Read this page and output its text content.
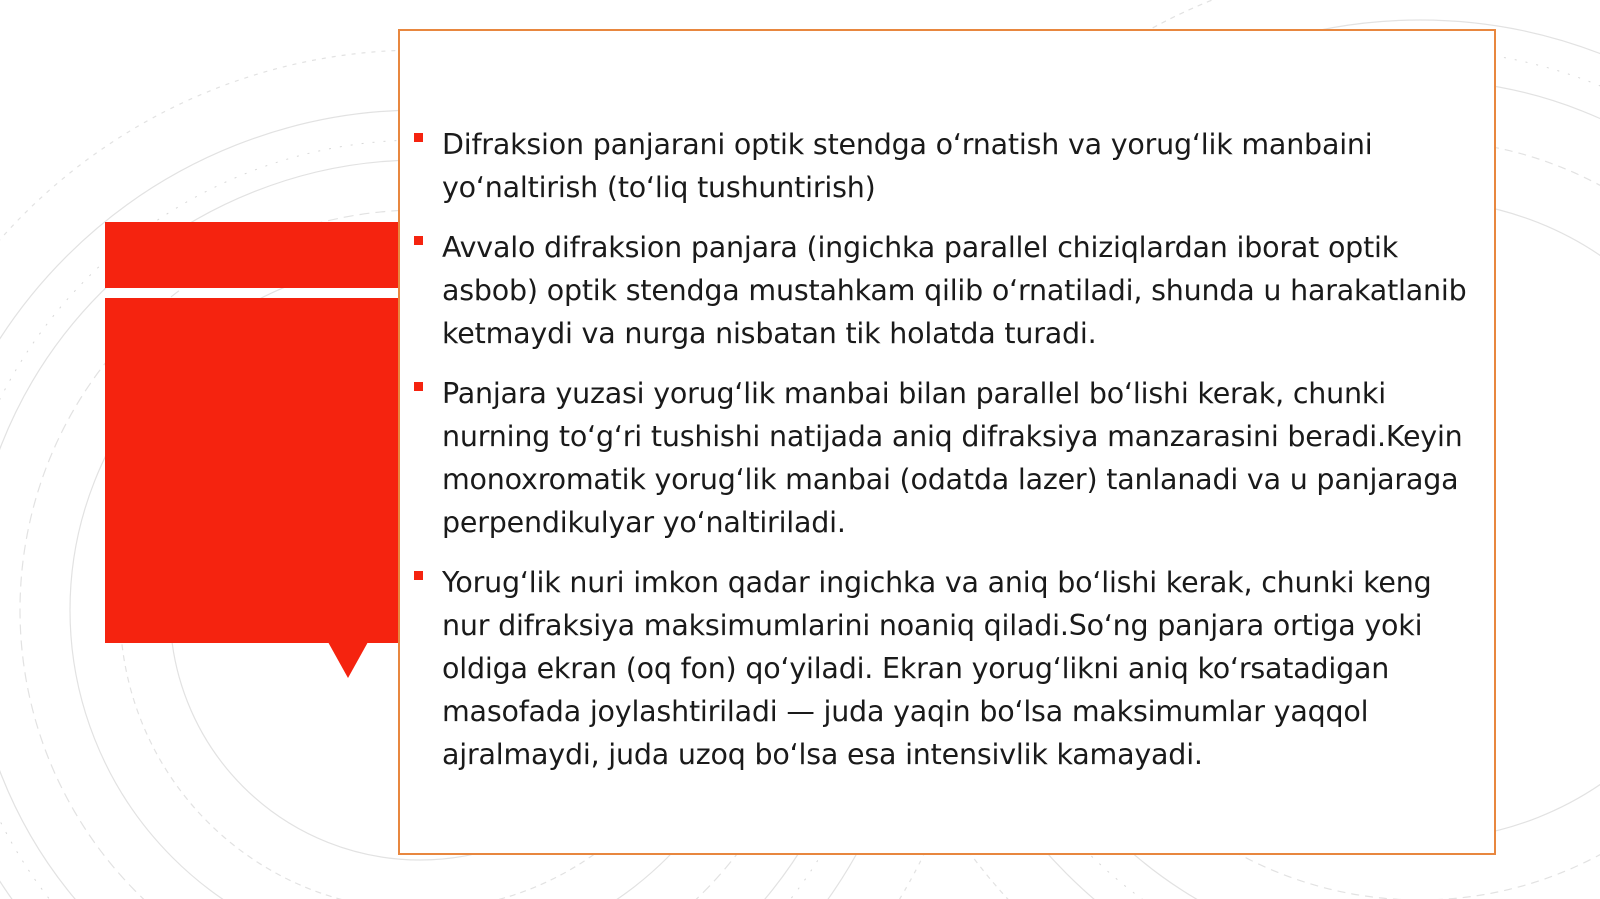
Difraksion panjarani optik stendga oʻrnatish va yorugʻlik manbaini yoʻnaltirish (toʻliq tushuntirish)
Avvalo difraksion panjara (ingichka parallel chiziqlardan iborat optik asbob) optik stendga mustahkam qilib oʻrnatiladi, shunda u harakatlanib ketmaydi va nurga nisbatan tik holatda turadi.
Panjara yuzasi yorugʻlik manbai bilan parallel boʻlishi kerak, chunki nurning toʻgʻri tushishi natijada aniq difraksiya manzarasini beradi.Keyin monoxromatik yorugʻlik manbai (odatda lazer) tanlanadi va u panjaraga perpendikulyar yoʻnaltiriladi.
Yorugʻlik nuri imkon qadar ingichka va aniq boʻlishi kerak, chunki keng nur difraksiya maksimumlarini noaniq qiladi.Soʻng panjara ortiga yoki oldiga ekran (oq fon) qoʻyiladi. Ekran yorugʻlikni aniq koʻrsatadigan masofada joylashtiriladi — juda yaqin boʻlsa maksimumlar yaqqol ajralmaydi, juda uzoq boʻlsa esa intensivlik kamayadi.
